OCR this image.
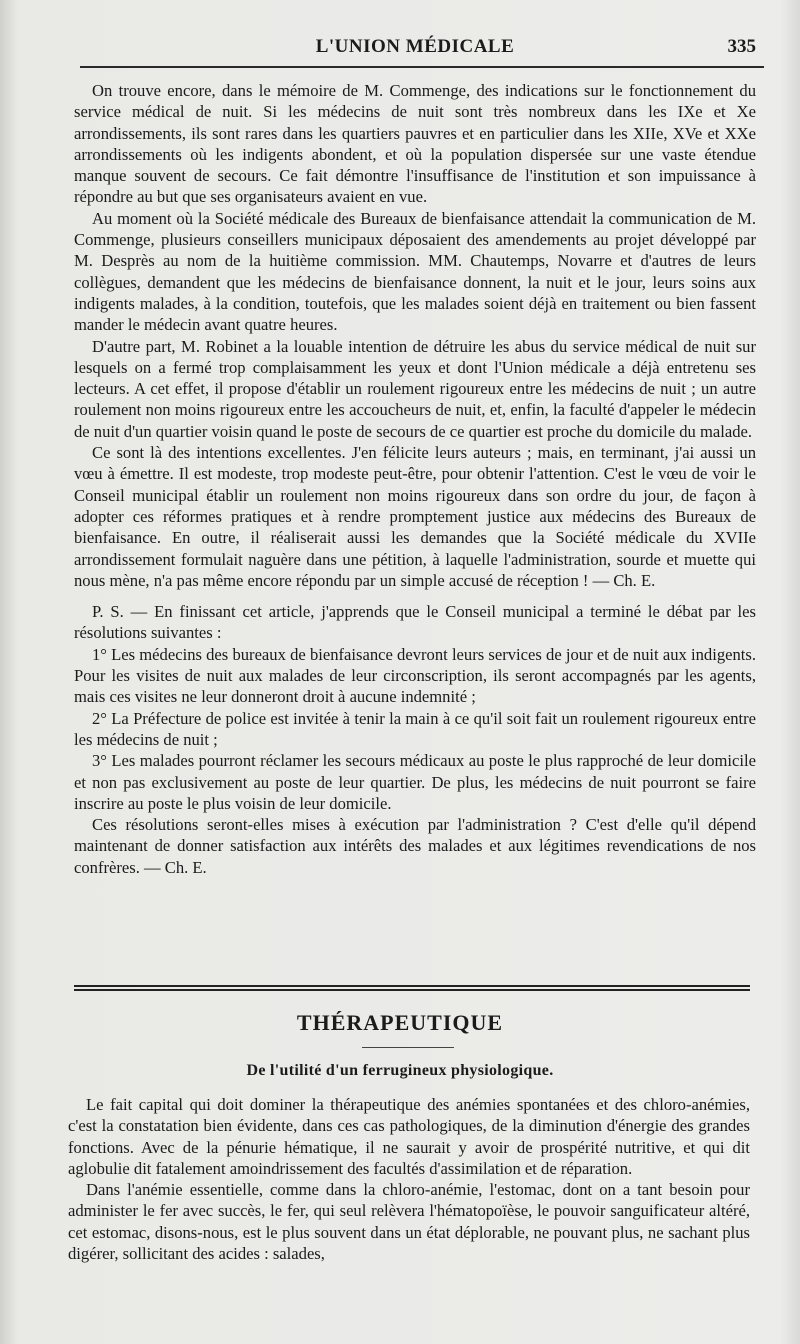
L'UNION MÉDICALE	335

On trouve encore, dans le mémoire de M. Commenge, des indications sur le fonctionnement du service médical de nuit. Si les médecins de nuit sont très nombreux dans les IXe et Xe arrondissements, ils sont rares dans les quartiers pauvres et en particulier dans les XIIe, XVe et XXe arrondissements où les indigents abondent, et où la population dispersée sur une vaste étendue manque souvent de secours. Ce fait démontre l'insuffisance de l'institution et son impuissance à répondre au but que ses organisateurs avaient en vue.

Au moment où la Société médicale des Bureaux de bienfaisance attendait la communication de M. Commenge, plusieurs conseillers municipaux déposaient des amendements au projet développé par M. Desprès au nom de la huitième commission. MM. Chautemps, Novarre et d'autres de leurs collègues, demandent que les médecins de bienfaisance donnent, la nuit et le jour, leurs soins aux indigents malades, à la condition, toutefois, que les malades soient déjà en traitement ou bien fassent mander le médecin avant quatre heures.

D'autre part, M. Robinet a la louable intention de détruire les abus du service médical de nuit sur lesquels on a fermé trop complaisamment les yeux et dont l'Union médicale a déjà entretenu ses lecteurs. A cet effet, il propose d'établir un roulement rigoureux entre les médecins de nuit ; un autre roulement non moins rigoureux entre les accoucheurs de nuit, et, enfin, la faculté d'appeler le médecin de nuit d'un quartier voisin quand le poste de secours de ce quartier est proche du domicile du malade.

Ce sont là des intentions excellentes. J'en félicite leurs auteurs ; mais, en terminant, j'ai aussi un vœu à émettre. Il est modeste, trop modeste peut-être, pour obtenir l'attention. C'est le vœu de voir le Conseil municipal établir un roulement non moins rigoureux dans son ordre du jour, de façon à adopter ces réformes pratiques et à rendre promptement justice aux médecins des Bureaux de bienfaisance. En outre, il réaliserait aussi les demandes que la Société médicale du XVIIe arrondissement formulait naguère dans une pétition, à laquelle l'administration, sourde et muette qui nous mène, n'a pas même encore répondu par un simple accusé de réception ! — Ch. E.

P. S. — En finissant cet article, j'apprends que le Conseil municipal a terminé le débat par les résolutions suivantes :

1° Les médecins des bureaux de bienfaisance devront leurs services de jour et de nuit aux indigents. Pour les visites de nuit aux malades de leur circonscription, ils seront accompagnés par les agents, mais ces visites ne leur donneront droit à aucune indemnité ;

2° La Préfecture de police est invitée à tenir la main à ce qu'il soit fait un roulement rigoureux entre les médecins de nuit ;

3° Les malades pourront réclamer les secours médicaux au poste le plus rapproché de leur domicile et non pas exclusivement au poste de leur quartier. De plus, les médecins de nuit pourront se faire inscrire au poste le plus voisin de leur domicile.

Ces résolutions seront-elles mises à exécution par l'administration ? C'est d'elle qu'il dépend maintenant de donner satisfaction aux intérêts des malades et aux légitimes revendications de nos confrères. — Ch. E.

THÉRAPEUTIQUE
De l'utilité d'un ferrugineux physiologique.

Le fait capital qui doit dominer la thérapeutique des anémies spontanées et des chloro-anémies, c'est la constatation bien évidente, dans ces cas pathologiques, de la diminution d'énergie des grandes fonctions. Avec de la pénurie hématique, il ne saurait y avoir de prospérité nutritive, et qui dit aglobulie dit fatalement amoindrissement des facultés d'assimilation et de réparation.

Dans l'anémie essentielle, comme dans la chloro-anémie, l'estomac, dont on a tant besoin pour administer le fer avec succès, le fer, qui seul relèvera l'hématopoïèse, le pouvoir sanguificateur altéré, cet estomac, disons-nous, est le plus souvent dans un état déplorable, ne pouvant plus, ne sachant plus digérer, sollicitant des acides : salades,
